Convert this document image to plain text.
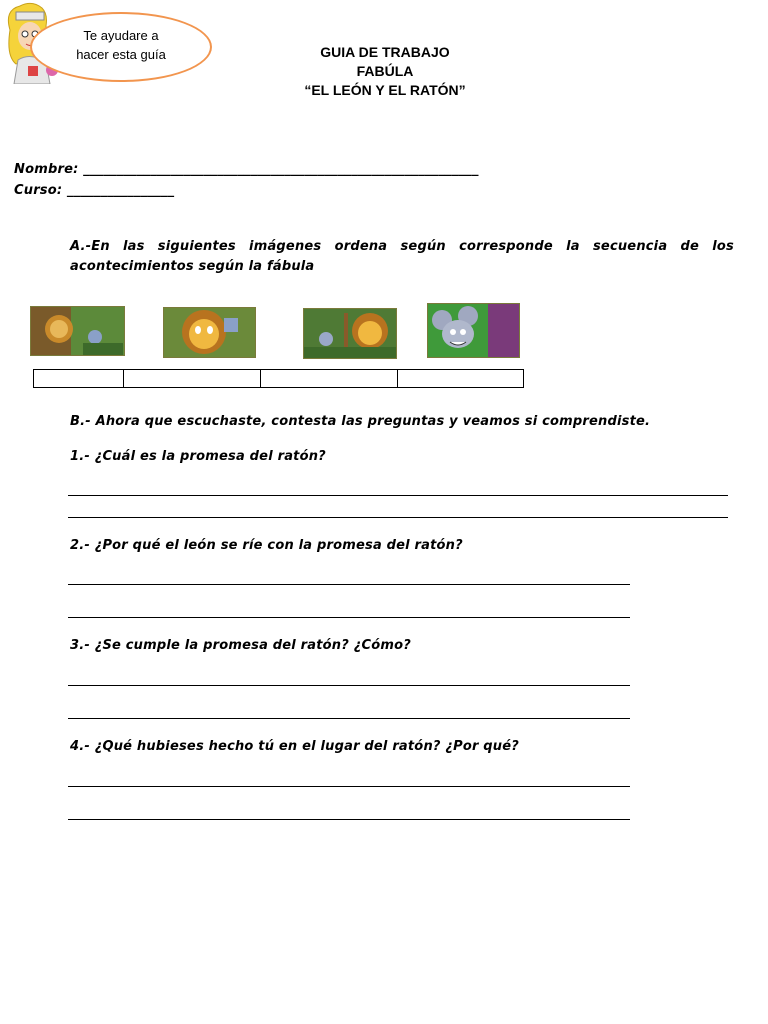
Te ayudare a
hacer esta guía	GUIA DE TRABAJO
FABÚLA
“EL LEÓN Y EL RATÓN”
Nombre: ___________________________________________________________
Curso: ________________
A.-En las siguientes imágenes ordena según corresponde la secuencia de los acontecimientos según la fábula
B.- Ahora que escuchaste, contesta las preguntas y veamos si comprendiste.
1.- ¿Cuál es la promesa del ratón?
2.- ¿Por qué el león se ríe con la promesa del ratón?
3.- ¿Se cumple la promesa del ratón? ¿Cómo?
4.- ¿Qué hubieses hecho tú en el lugar del ratón? ¿Por qué?
